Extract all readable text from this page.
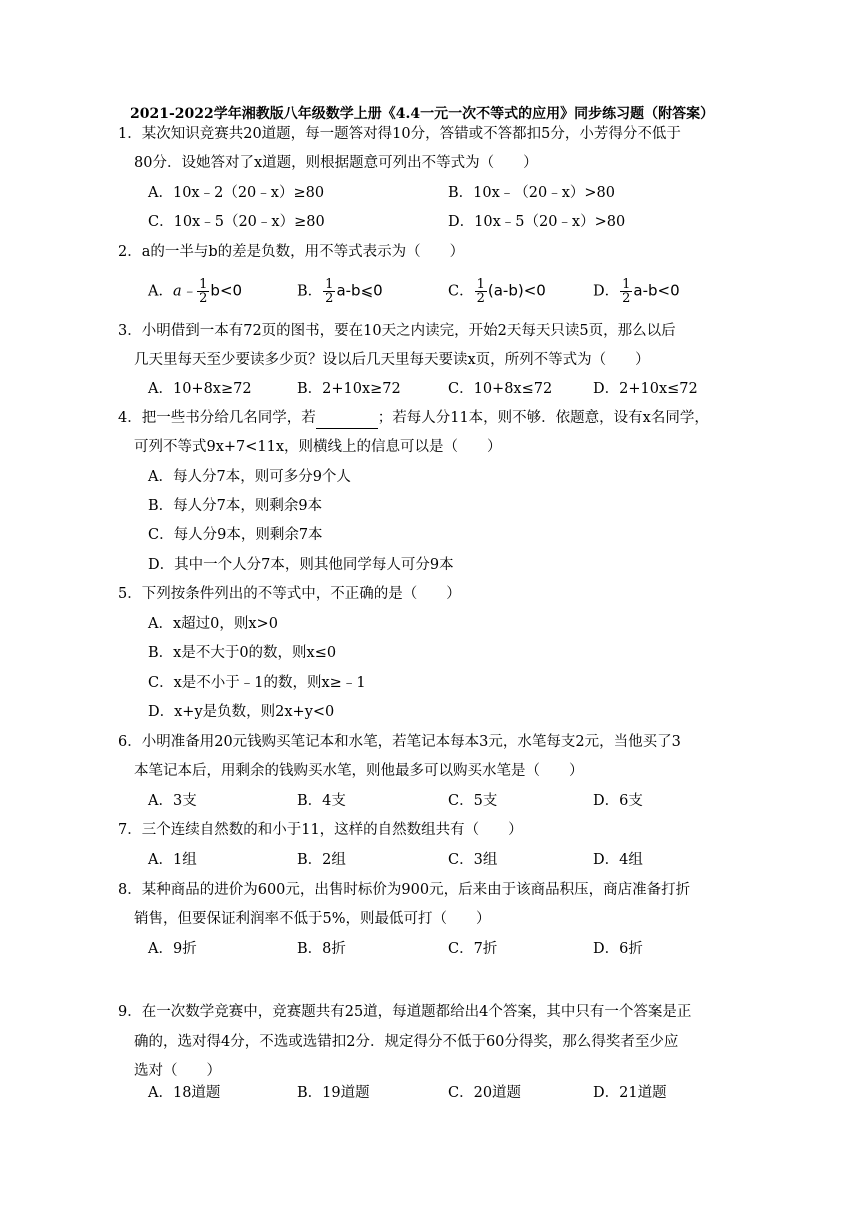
2021-2022学年湘教版八年级数学上册《4.4一元一次不等式的应用》同步练习题（附答案）
1．某次知识竞赛共20道题，每一题答对得10分，答错或不答都扣5分，小芳得分不低于
80分．设她答对了x道题，则根据题意可列出不等式为（　　）
A．10x﹣2（20﹣x）≥80	B．10x﹣（20﹣x）>80
C．10x﹣5（20﹣x）≥80	D．10x﹣5（20﹣x）>80
2．a的一半与b的差是负数，用不等式表示为（　　）
A．a﹣ $\frac{1}{2} b<0$	B． $\frac{1}{2}$ a-b⩽0	C． $\frac{1}{2} (a-b)<0$	D． $\frac{1}{2} a-b<0$
3．小明借到一本有72页的图书，要在10天之内读完，开始2天每天只读5页，那么以后
几天里每天至少要读多少页？设以后几天里每天要读x页，所列不等式为（　　）
A．10+8x≥72	B．2+10x≥72	C．10+8x≤72	D．2+10x≤72
4．把一些书分给几名同学，若	；若每人分11本，则不够．依题意，设有x名同学，
可列不等式9x+7<11x，则横线上的信息可以是（　　）
A．每人分7本，则可多分9个人
B．每人分7本，则剩余9本
C．每人分9本，则剩余7本
D．其中一个人分7本，则其他同学每人可分9本
5．下列按条件列出的不等式中，不正确的是（　　）
A．x超过0，则x>0
B．x是不大于0的数，则x≤0
C．x是不小于﹣1的数，则x≥﹣1
D．x+y是负数，则2x+y<0
6．小明准备用20元钱购买笔记本和水笔，若笔记本每本3元，水笔每支2元，当他买了3
本笔记本后，用剩余的钱购买水笔，则他最多可以购买水笔是（　　）
A．3支	B．4支	C．5支	D．6支
7．三个连续自然数的和小于11，这样的自然数组共有（　　）
A．1组	B．2组	C．3组	D．4组
8．某种商品的进价为600元，出售时标价为900元，后来由于该商品积压，商店准备打折
销售，但要保证利润率不低于5%，则最低可打（　　）
A．9折	B．8折	C．7折	D．6折
9．在一次数学竞赛中，竞赛题共有25道，每道题都给出4个答案，其中只有一个答案是正
确的，选对得4分，不选或选错扣2分．规定得分不低于60分得奖，那么得奖者至少应
选对（　　）
A．18道题	B．19道题	C．20道题	D．21道题
